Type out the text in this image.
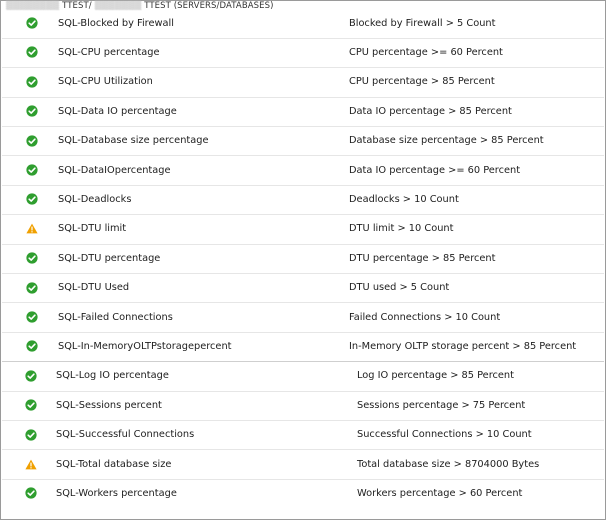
▒▒▒▒▒▒▒▒ TTEST/ ▒▒▒▒▒▒▒ TTEST (SERVERS/DATABASES)
SQL-Blocked by Firewall	Blocked by Firewall > 5 Count
SQL-CPU percentage	CPU percentage >= 60 Percent
SQL-CPU Utilization	CPU percentage > 85 Percent
SQL-Data IO percentage	Data IO percentage > 85 Percent
SQL-Database size percentage	Database size percentage > 85 Percent
SQL-DataIOpercentage	Data IO percentage >= 60 Percent
SQL-Deadlocks	Deadlocks > 10 Count
SQL-DTU limit	DTU limit > 10 Count
SQL-DTU percentage	DTU percentage > 85 Percent
SQL-DTU Used	DTU used > 5 Count
SQL-Failed Connections	Failed Connections > 10 Count
SQL-In-MemoryOLTPstoragepercent	In-Memory OLTP storage percent > 85 Percent
SQL-Log IO percentage	Log IO percentage > 85 Percent
SQL-Sessions percent	Sessions percentage > 75 Percent
SQL-Successful Connections	Successful Connections > 10 Count
SQL-Total database size	Total database size > 8704000 Bytes
SQL-Workers percentage	Workers percentage > 60 Percent
